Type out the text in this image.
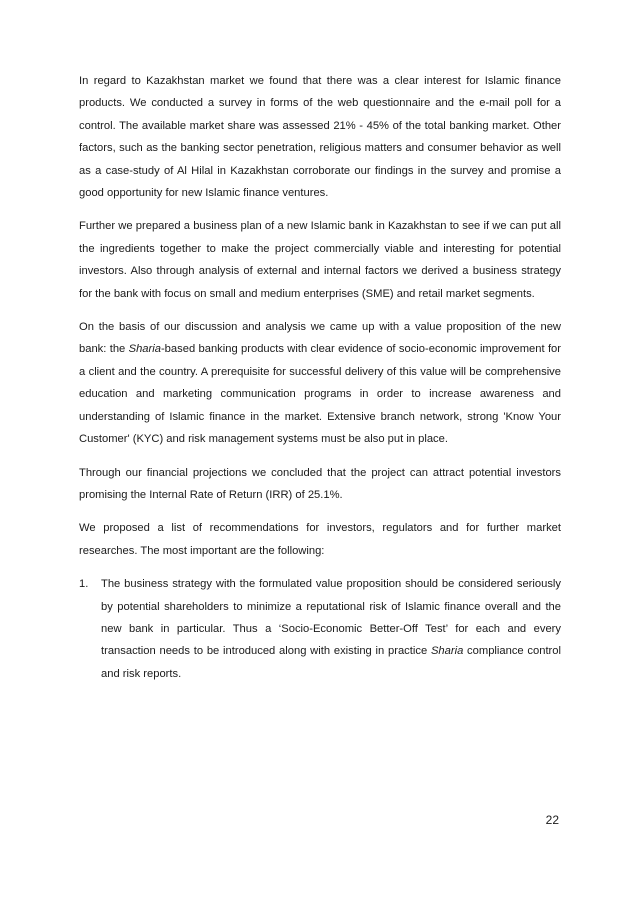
In regard to Kazakhstan market we found that there was a clear interest for Islamic finance products. We conducted a survey in forms of the web questionnaire and the e-mail poll for a control. The available market share was assessed 21% - 45% of the total banking market. Other factors, such as the banking sector penetration, religious matters and consumer behavior as well as a case-study of Al Hilal in Kazakhstan corroborate our findings in the survey and promise a good opportunity for new Islamic finance ventures.

Further we prepared a business plan of a new Islamic bank in Kazakhstan to see if we can put all the ingredients together to make the project commercially viable and interesting for potential investors. Also through analysis of external and internal factors we derived a business strategy for the bank with focus on small and medium enterprises (SME) and retail market segments.

On the basis of our discussion and analysis we came up with a value proposition of the new bank: the Sharia-based banking products with clear evidence of socio-economic improvement for a client and the country. A prerequisite for successful delivery of this value will be comprehensive education and marketing communication programs in order to increase awareness and understanding of Islamic finance in the market. Extensive branch network, strong 'Know Your Customer' (KYC) and risk management systems must be also put in place.

Through our financial projections we concluded that the project can attract potential investors promising the Internal Rate of Return (IRR) of 25.1%.

We proposed a list of recommendations for investors, regulators and for further market researches. The most important are the following:

1. The business strategy with the formulated value proposition should be considered seriously by potential shareholders to minimize a reputational risk of Islamic finance overall and the new bank in particular. Thus a ‘Socio-Economic Better-Off Test’ for each and every transaction needs to be introduced along with existing in practice Sharia compliance control and risk reports.
22
